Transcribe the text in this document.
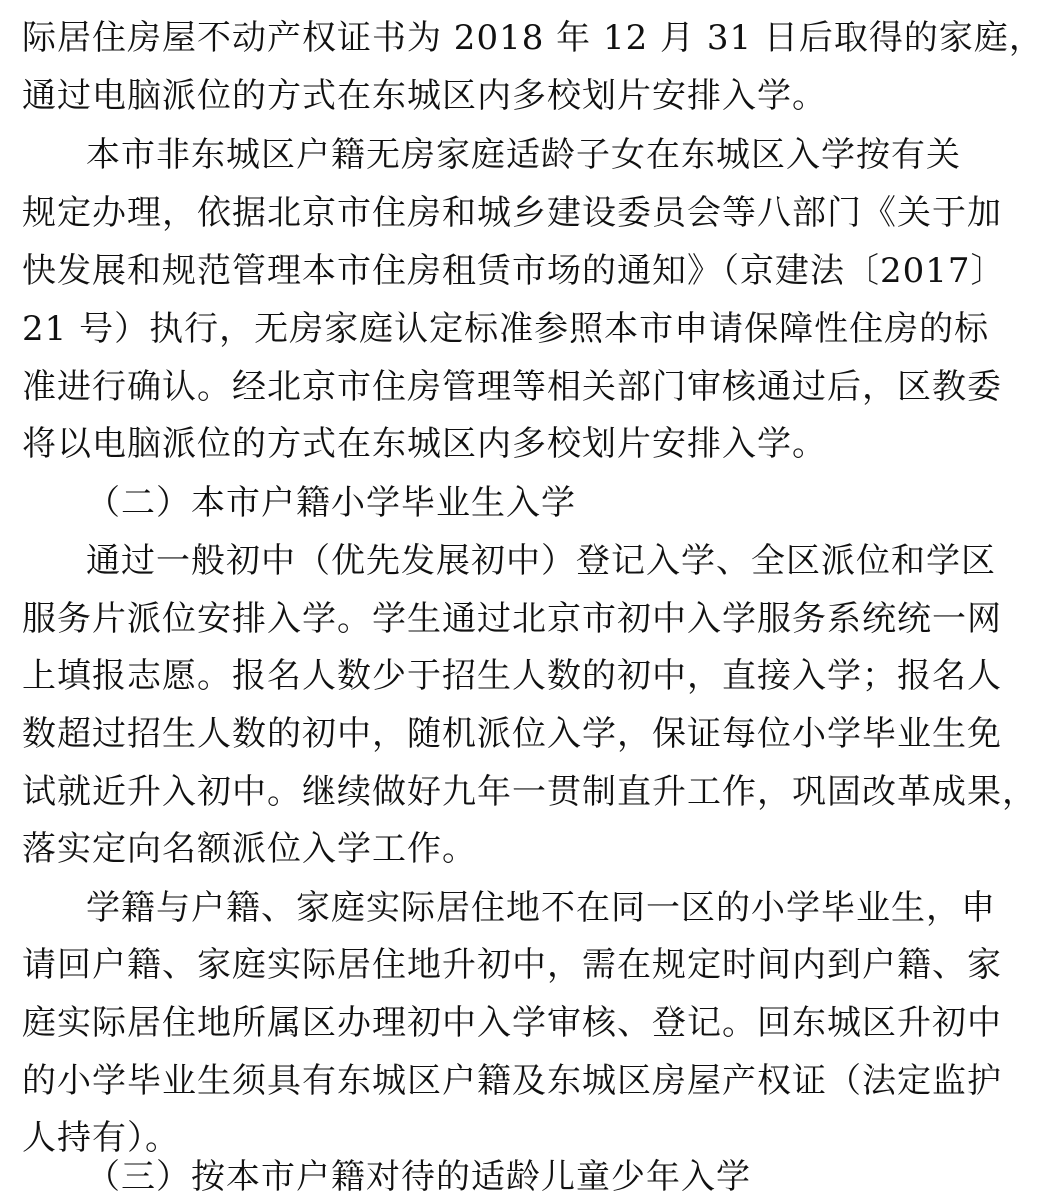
际居住房屋不动产权证书为 2018 年 12 月 31 日后取得的家庭，
通过电脑派位的方式在东城区内多校划片安排入学。
本市非东城区户籍无房家庭适龄子女在东城区入学按有关
规定办理，依据北京市住房和城乡建设委员会等八部门《关于加
快发展和规范管理本市住房租赁市场的通知》（京建法〔2017〕
21 号）执行，无房家庭认定标准参照本市申请保障性住房的标
准进行确认。经北京市住房管理等相关部门审核通过后，区教委
将以电脑派位的方式在东城区内多校划片安排入学。
（二）本市户籍小学毕业生入学
通过一般初中（优先发展初中）登记入学、全区派位和学区
服务片派位安排入学。学生通过北京市初中入学服务系统统一网
上填报志愿。报名人数少于招生人数的初中，直接入学；报名人
数超过招生人数的初中，随机派位入学，保证每位小学毕业生免
试就近升入初中。继续做好九年一贯制直升工作，巩固改革成果，
落实定向名额派位入学工作。
学籍与户籍、家庭实际居住地不在同一区的小学毕业生，申
请回户籍、家庭实际居住地升初中，需在规定时间内到户籍、家
庭实际居住地所属区办理初中入学审核、登记。回东城区升初中
的小学毕业生须具有东城区户籍及东城区房屋产权证（法定监护
人持有）。
（三）按本市户籍对待的适龄儿童少年入学
